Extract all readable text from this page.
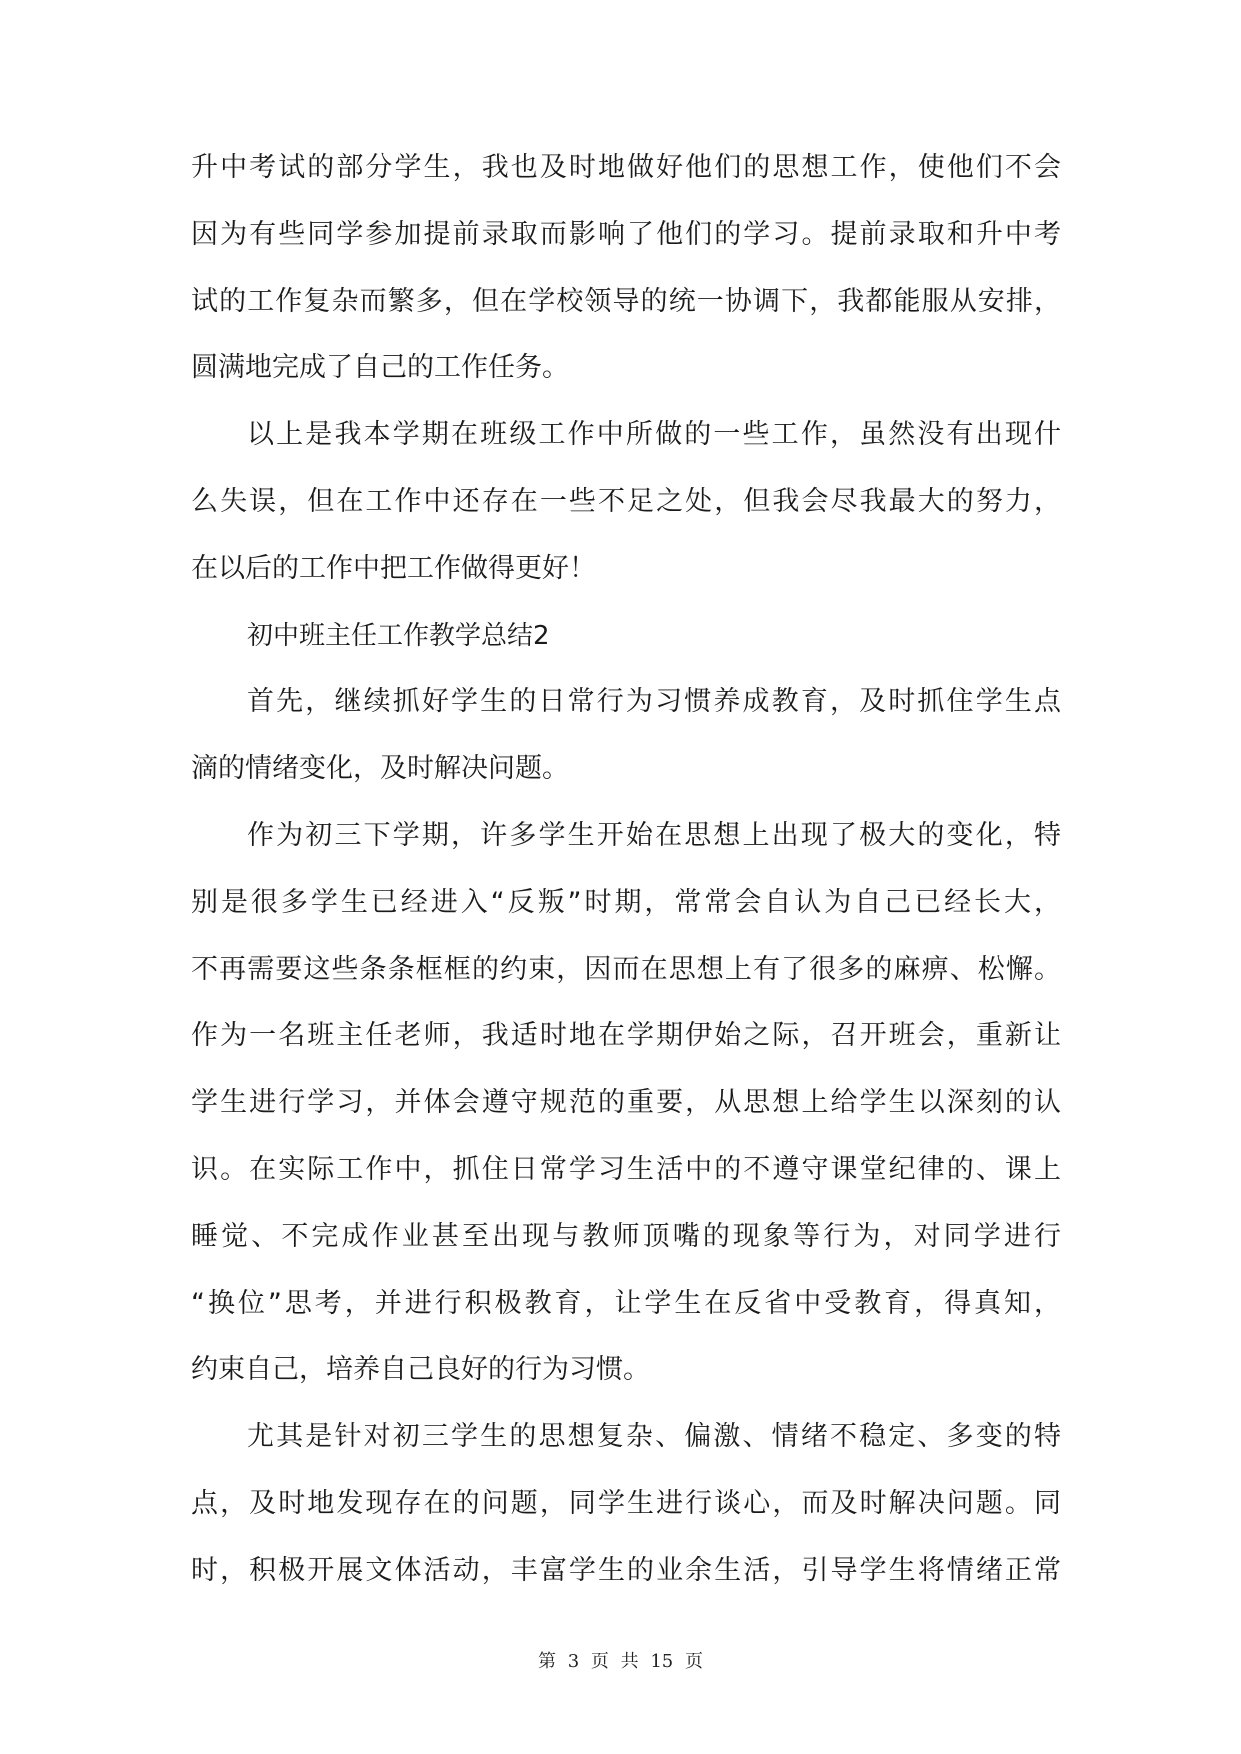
升中考试的部分学生，我也及时地做好他们的思想工作，使他们不会
因为有些同学参加提前录取而影响了他们的学习。提前录取和升中考
试的工作复杂而繁多，但在学校领导的统一协调下，我都能服从安排，
圆满地完成了自己的工作任务。
以上是我本学期在班级工作中所做的一些工作，虽然没有出现什
么失误，但在工作中还存在一些不足之处，但我会尽我最大的努力，
在以后的工作中把工作做得更好！
初中班主任工作教学总结2
首先，继续抓好学生的日常行为习惯养成教育，及时抓住学生点
滴的情绪变化，及时解决问题。
作为初三下学期，许多学生开始在思想上出现了极大的变化，特
别是很多学生已经进入“反叛”时期，常常会自认为自己已经长大，
不再需要这些条条框框的约束，因而在思想上有了很多的麻痹、松懈。
作为一名班主任老师，我适时地在学期伊始之际，召开班会，重新让
学生进行学习，并体会遵守规范的重要，从思想上给学生以深刻的认
识。在实际工作中，抓住日常学习生活中的不遵守课堂纪律的、课上
睡觉、不完成作业甚至出现与教师顶嘴的现象等行为，对同学进行
“换位”思考，并进行积极教育，让学生在反省中受教育，得真知，
约束自己，培养自己良好的行为习惯。
尤其是针对初三学生的思想复杂、偏激、情绪不稳定、多变的特
点，及时地发现存在的问题，同学生进行谈心，而及时解决问题。同
时，积极开展文体活动，丰富学生的业余生活，引导学生将情绪正常
第 3 页 共 15 页
